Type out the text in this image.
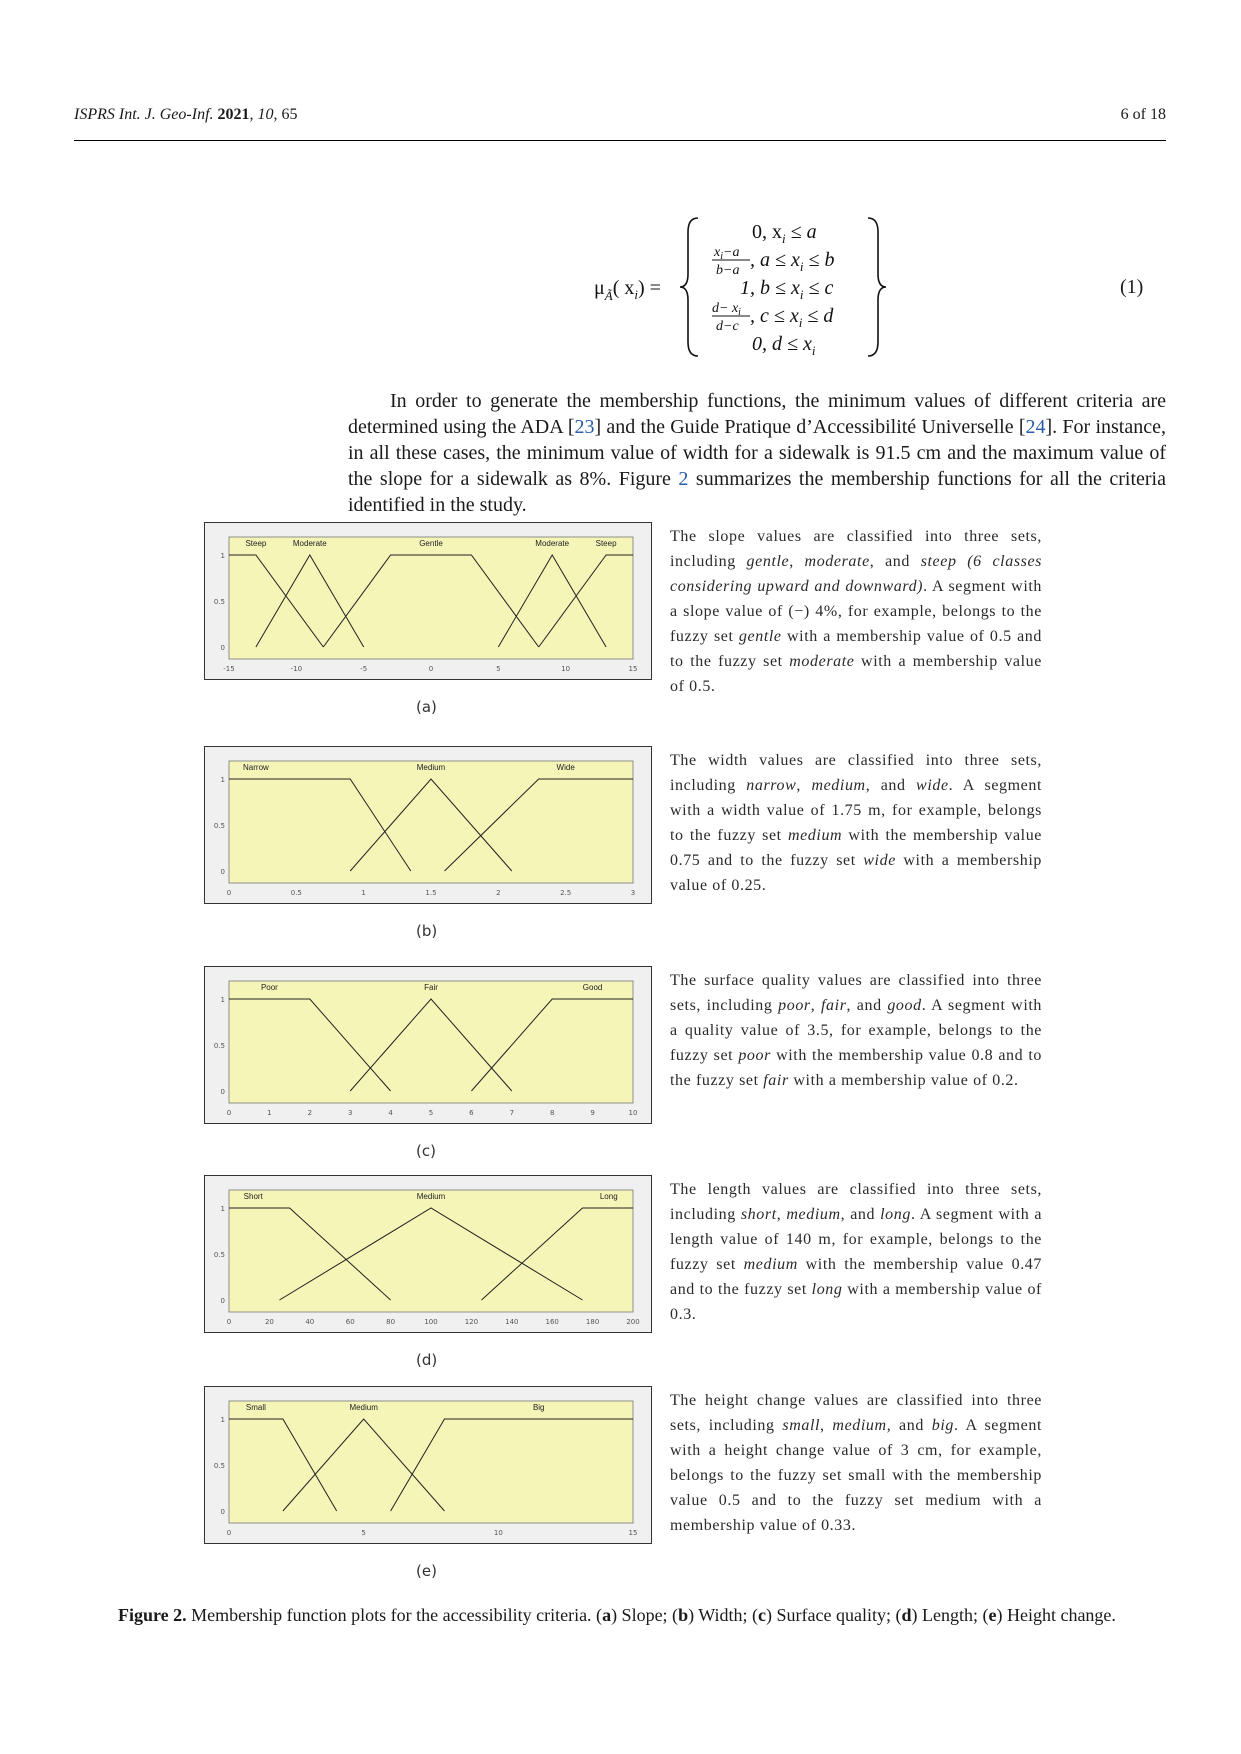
ISPRS Int. J. Geo-Inf. 2021, 10, 65	6 of 18
$\mu_Ã$( $x_i$) =
0, $x_i \le a$
$x_i-a$
b−a , $a \le x_i \le b$
1, $b \le x_i \le c$
$d- x_i$
d−c , $c \le x_i \le d$
0, $d \le x_i$
(1)

In order to generate the membership functions, the minimum values of different criteria are determined using the ADA [23] and the Guide Pratique d’Accessibilité Universelle [24]. For instance, in all these cases, the minimum value of width for a sidewalk is 91.5 cm and the maximum value of the slope for a sidewalk as 8%. Figure 2 summarizes the membership functions for all the criteria identified in the study.

-15	-10	-5	0	5	10	15
0
0.5
1
Steep	Moderate	Gentle	Moderate	Steep
(a)
The slope values are classified into three sets, including gentle, moderate, and steep (6 classes considering upward and downward). A segment with a slope value of (−) 4%, for example, belongs to the fuzzy set gentle with a membership value of 0.5 and to the fuzzy set moderate with a membership value of 0.5.
0	0.5	1	1.5	2	2.5	3
0
0.5
1
Narrow	Medium	Wide
(b)
The width values are classified into three sets, including narrow, medium, and wide. A segment with a width value of 1.75 m, for example, belongs to the fuzzy set medium with the membership value 0.75 and to the fuzzy set wide with a membership value of 0.25.
0	1	2	3	4	5	6	7	8	9	10
0
0.5
1
Poor	Fair	Good
(c)
The surface quality values are classified into three sets, including poor, fair, and good. A segment with a quality value of 3.5, for example, belongs to the fuzzy set poor with the membership value 0.8 and to the fuzzy set fair with a membership value of 0.2.
0	20	40	60	80	100	120	140	160	180	200
0
0.5
1
Short	Medium	Long
(d)
The length values are classified into three sets, including short, medium, and long. A segment with a length value of 140 m, for example, belongs to the fuzzy set medium with the membership value 0.47 and to the fuzzy set long with a membership value of 0.3.
0	5	10	15
0
0.5
1
Small	Medium	Big
(e)
The height change values are classified into three sets, including small, medium, and big. A segment with a height change value of 3 cm, for example, belongs to the fuzzy set small with the membership value 0.5 and to the fuzzy set medium with a membership value of 0.33.

Figure 2. Membership function plots for the accessibility criteria. (a) Slope; (b) Width; (c) Surface quality; (d) Length; (e) Height change.
